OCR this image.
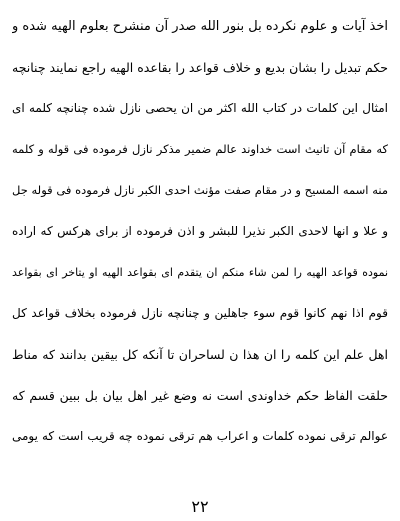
اخذ آیات و علوم نکرده بل بنور الله صدر آن منشرح بعلوم الهیه شده و
حکم تبدیل را بشان بدیع و خلاف قواعد را بقاعده الهیه راجع نمایند چنانچه
امثال این کلمات در کتاب الله اکثر من ان یحصی نازل شده چنانچه کلمه ای
که مقام آن تانیث است خداوند عالم ضمیر مذکر نازل فرموده فی قوله و کلمه
منه اسمه المسیح و در مقام صفت مؤنث احدی الکبر نازل فرموده فی قوله جل
و علا و انها لاحدی الکبر نذیرا للبشر و اذن فرموده از برای هرکس که اراده
نموده قواعد الهیه را لمن شاء منکم ان یتقدم ای بقواعد الهیه او یتاخر ای بقواعد
قوم اذا نهم کانوا قوم سوء جاهلین و چنانچه نازل فرموده بخلاف قواعد کل
اهل علم این کلمه را ان هذا ن لساحران تا آنکه کل بیقین بدانند که مناط
حلقت الفاظ حکم خداوندی است نه وضع غیر اهل بیان بل ببین قسم که
عوالم ترقی نموده کلمات و اعراب هم ترقی نموده چه قریب است که یومی
۲۲
